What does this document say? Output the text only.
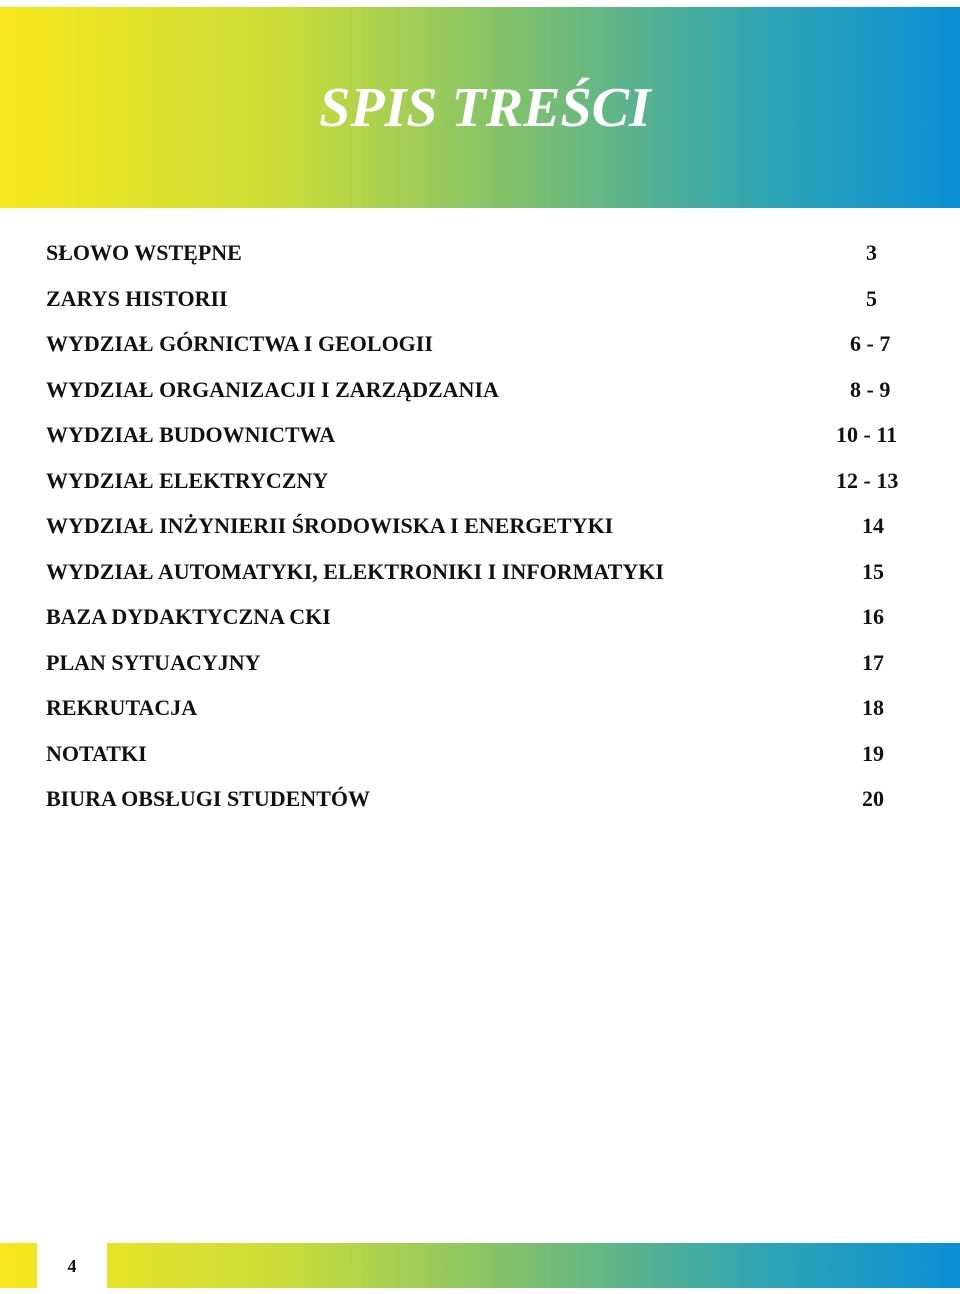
SPIS TREŚCI
SŁOWO WSTĘPNE	3
ZARYS HISTORII	5
WYDZIAŁ GÓRNICTWA I GEOLOGII	6 - 7
WYDZIAŁ ORGANIZACJI I ZARZĄDZANIA	8 - 9
WYDZIAŁ BUDOWNICTWA	10 - 11
WYDZIAŁ ELEKTRYCZNY	12 - 13
WYDZIAŁ INŻYNIERII ŚRODOWISKA I ENERGETYKI	14
WYDZIAŁ AUTOMATYKI, ELEKTRONIKI I INFORMATYKI	15
BAZA DYDAKTYCZNA CKI	16
PLAN SYTUACYJNY	17
REKRUTACJA	18
NOTATKI	19
BIURA OBSŁUGI STUDENTÓW	20
4
